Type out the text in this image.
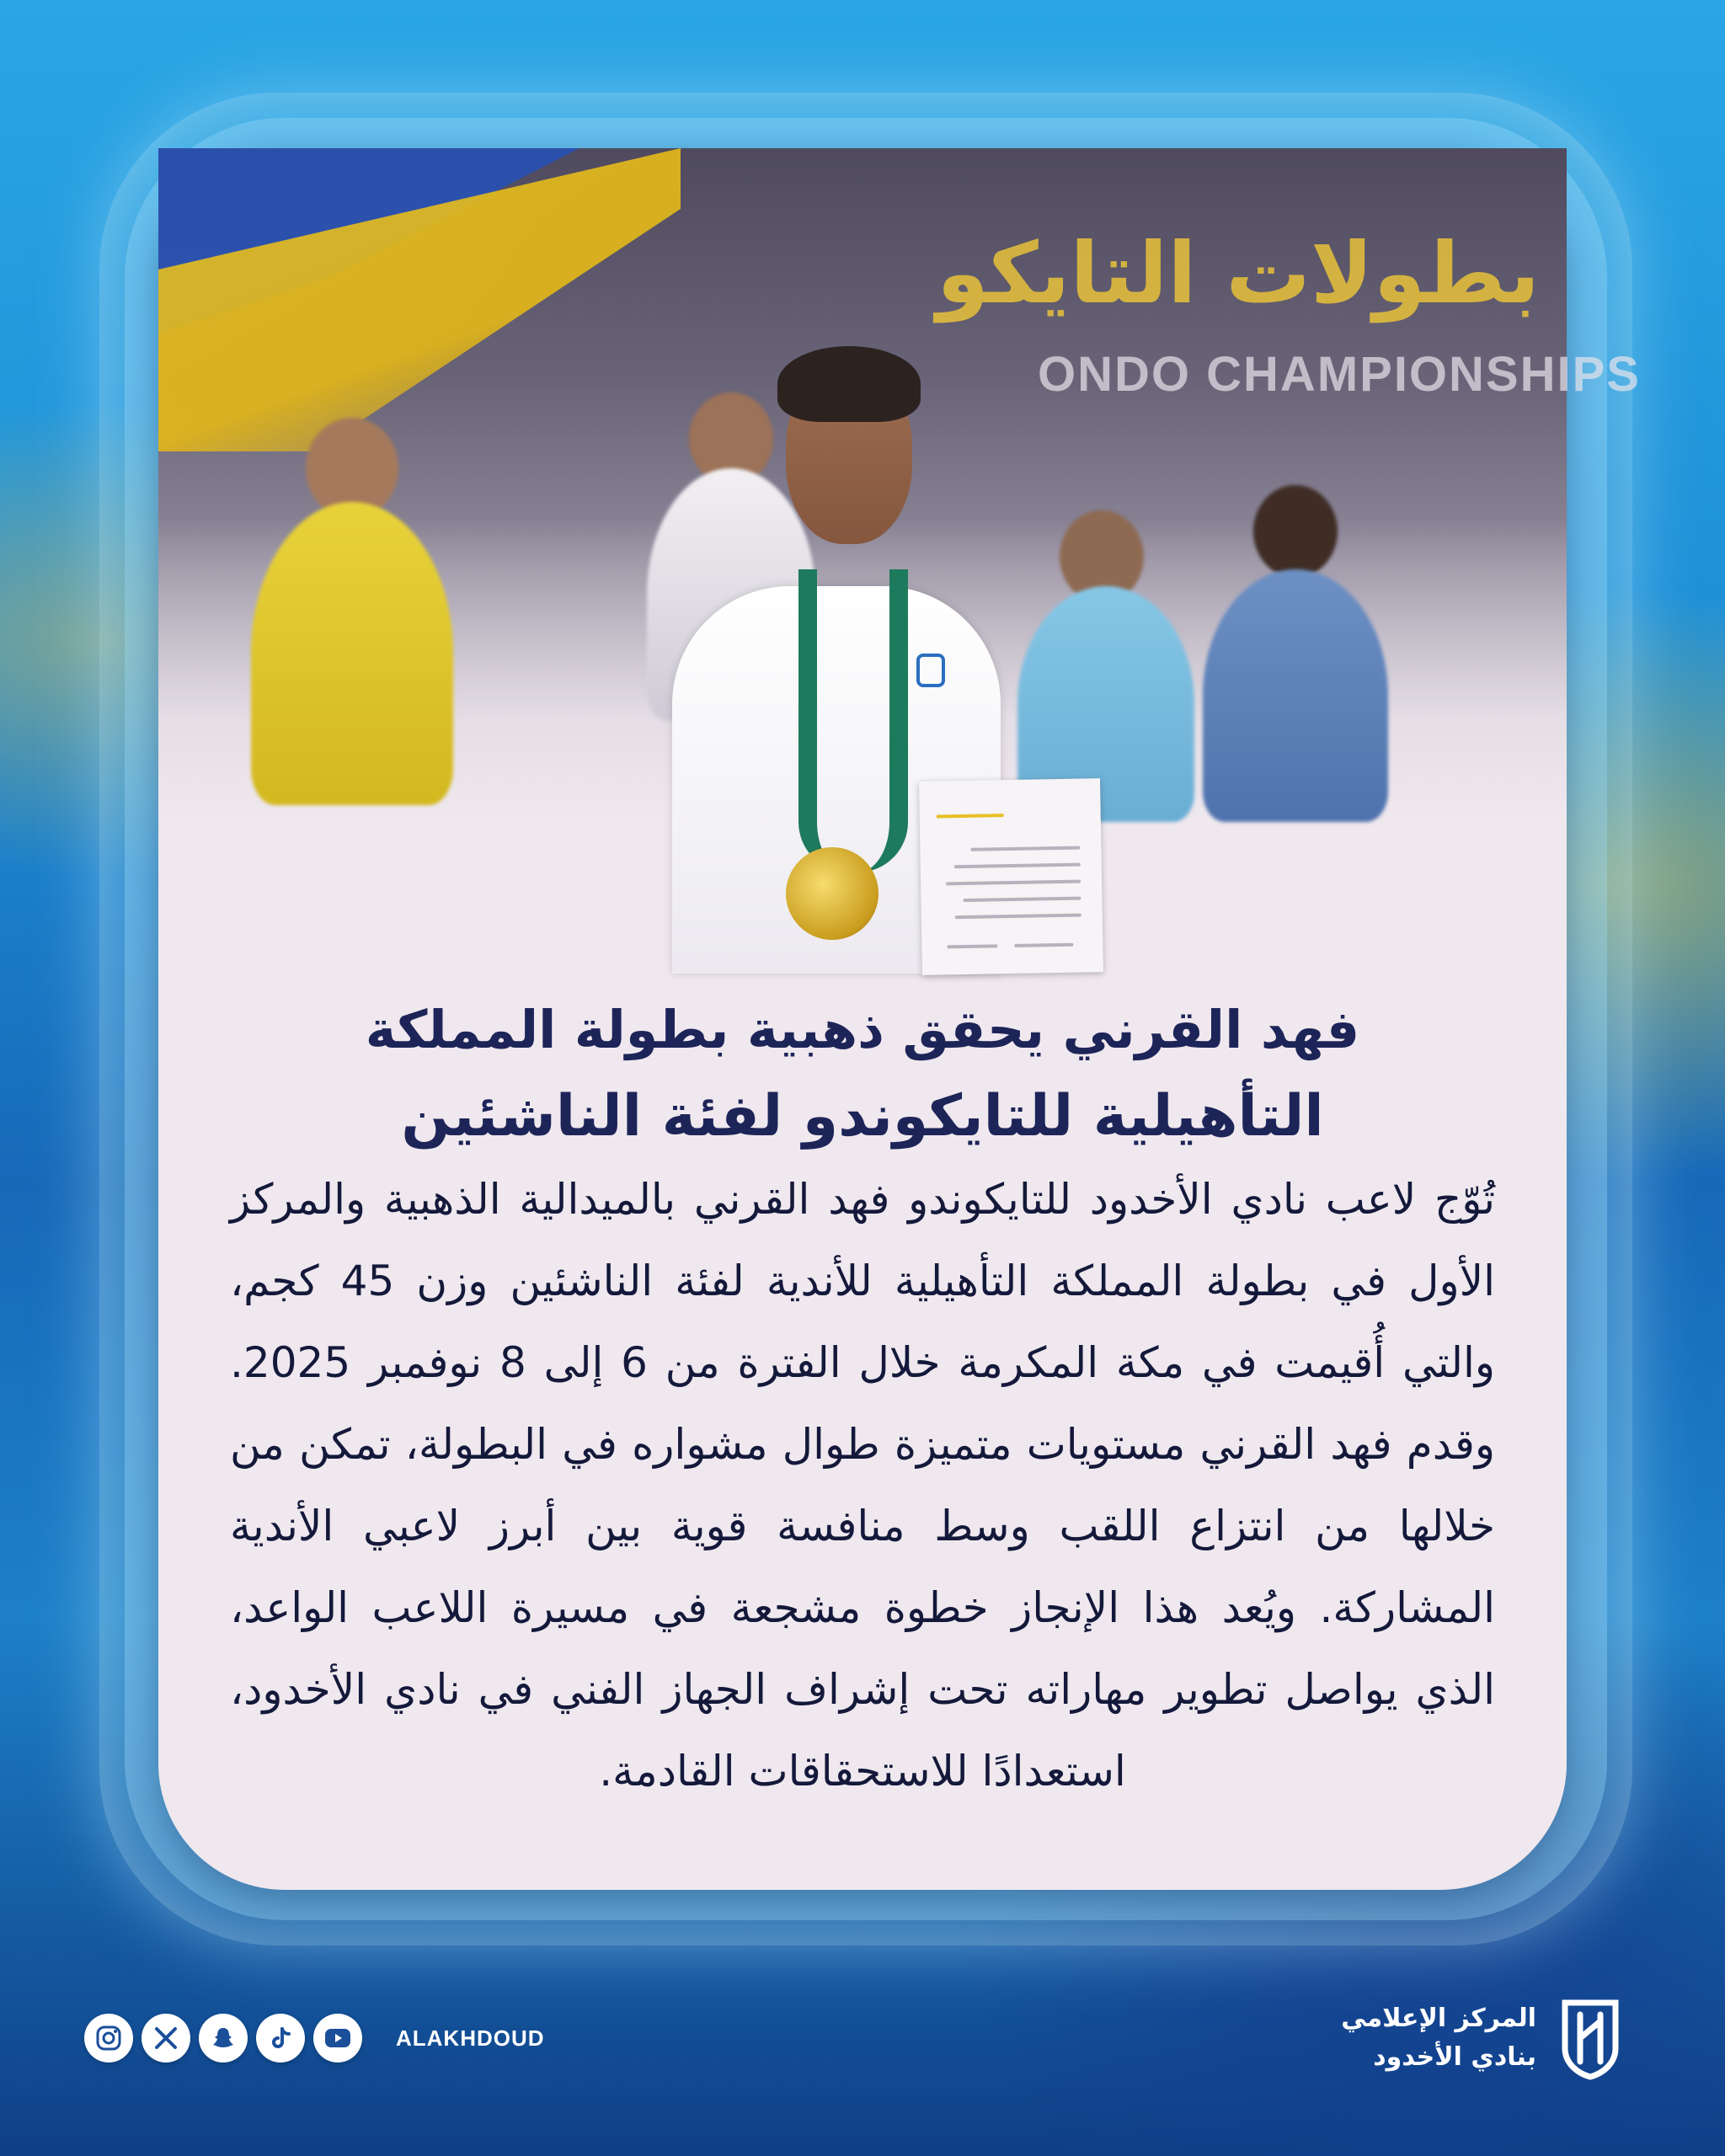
بطولات التايكو
ONDO CHAMPIONSHIPS
فهد القرني يحقق ذهبية بطولة المملكة
التأهيلية للتايكوندو لفئة الناشئين
تُوّج لاعب نادي الأخدود للتايكوندو فهد القرني بالميدالية الذهبية والمركز الأول في بطولة المملكة التأهيلية للأندية لفئة الناشئين وزن 45 كجم، والتي أُقيمت في مكة المكرمة خلال الفترة من 6 إلى 8 نوفمبر 2025. وقدم فهد القرني مستويات متميزة طوال مشواره في البطولة، تمكن من خلالها من انتزاع اللقب وسط منافسة قوية بين أبرز لاعبي الأندية المشاركة. ويُعد هذا الإنجاز خطوة مشجعة في مسيرة اللاعب الواعد، الذي يواصل تطوير مهاراته تحت إشراف الجهاز الفني في نادي الأخدود، استعدادًا للاستحقاقات القادمة.
ALAKHDOUD
المركز الإعلامي
بنادي الأخدود
